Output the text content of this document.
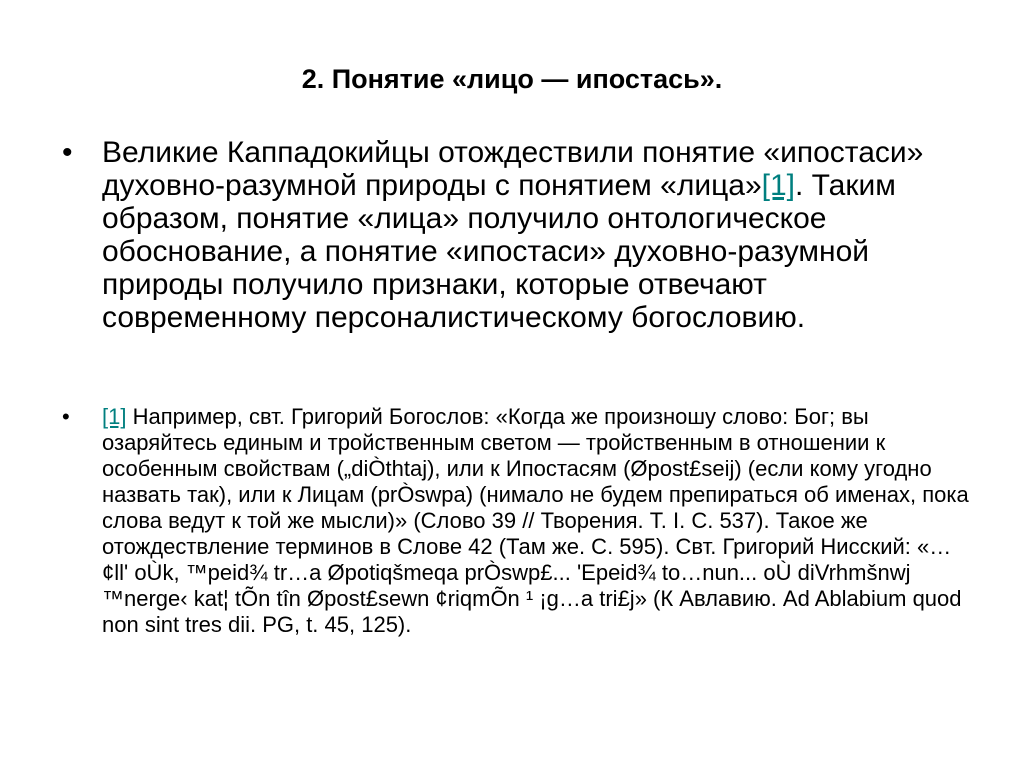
2. Понятие «лицо — ипостась».
• Великие Каппадокийцы отождествили понятие «ипостаси» духовно-разумной природы с понятием «лица»[1]. Таким образом, понятие «лица» получило онтологическое обоснование, а понятие «ипостаси» духовно-разумной природы получило признаки, которые отвечают современному персоналистическому богословию.
•	[1] Например, свт. Григорий Богослов: «Когда же произношу слово: Бог; вы озаряйтесь единым и тройственным светом — тройственным в отношении к особенным свойствам („diÒthtaj), или к Ипостасям (Øpost£seij) (если кому угодно назвать так), или к Лицам (prÒswpa) (нимало не будем препираться об именах, пока слова ведут к той же мысли)» (Слово 39 // Творения. Т. I. С. 537). Такое же отождествление терминов в Слове 42 (Там же. С. 595). Свт. Григорий Нисский: «…¢ll' oÙk, ™peid¾ tr…a Øpotiqšmeqa prÒswp£... 'Epeid¾ to…nun... oÙ diVrhmšnwj ™nerge‹ kat¦ tÕn tîn Øpost£sewn ¢riqmÕn ¹ ¡g…a tri£j» (К Авлавию. Ad Ablabium quod non sint tres dii. PG, t. 45, 125).
